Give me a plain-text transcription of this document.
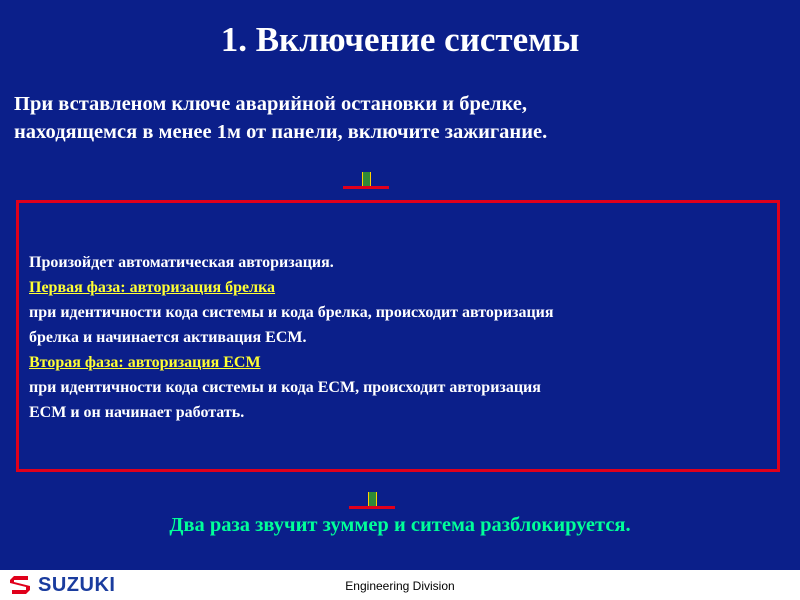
1. Включение системы

При вставленом ключе аварийной остановки и брелке,
находящемся в менее 1м от панели, включите зажигание.

Произойдет автоматическая авторизация.
Первая фаза: авторизация брелка
при идентичности кода системы и кода брелка, происходит авторизация
брелка и начинается активация ECM.
Вторая фаза: авторизация ECM
при идентичности кода системы и кода ECM, происходит авторизация
ECM и он начинает работать.
Два раза звучит зуммер и ситема разблокируется.
SUZUKI	Engineering Division
